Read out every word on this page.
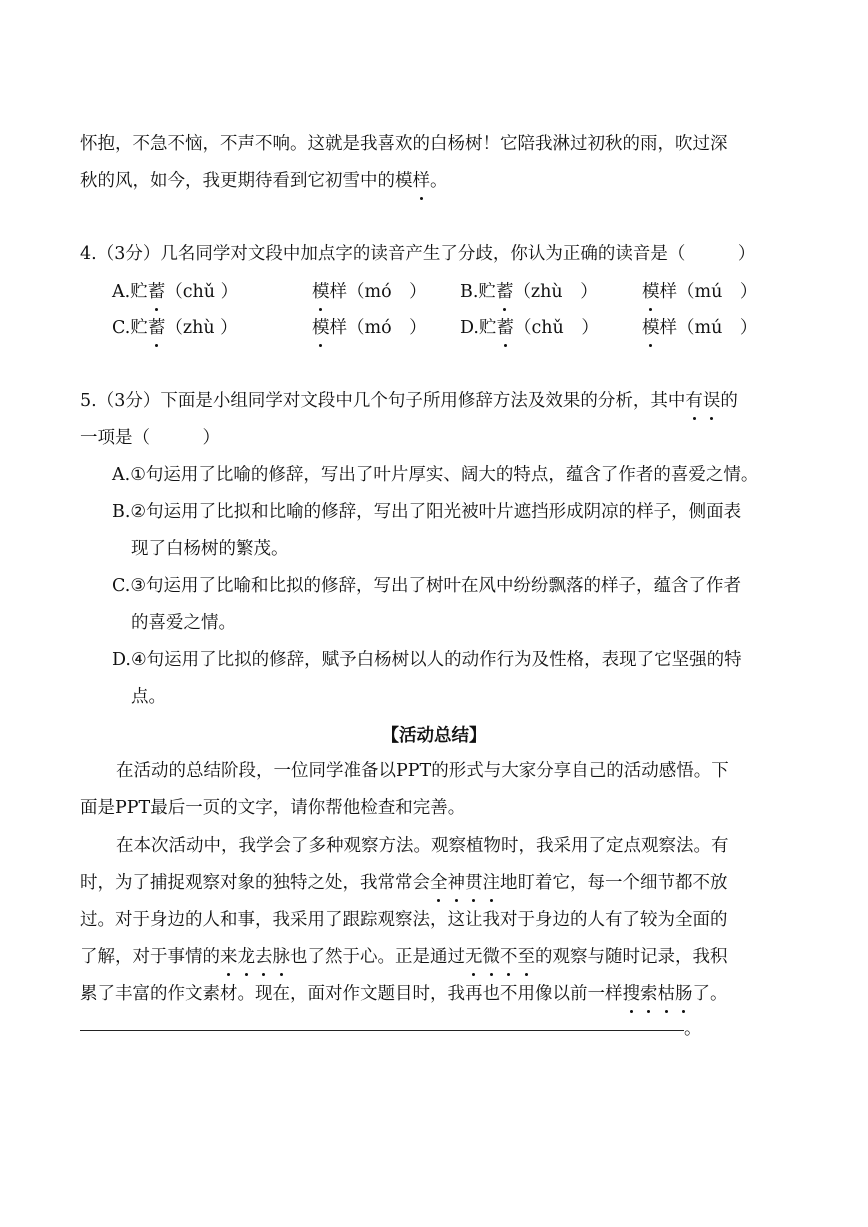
怀抱，不急不恼，不声不响。这就是我喜欢的白杨树！它陪我淋过初秋的雨，吹过深
秋的风，如今，我更期待看到它初雪中的模样。
4.（3分）几名同学对文段中加点字的读音产生了分歧，你认为正确的读音是（　　　）
A.贮蓄（chǔ ）	模样（mó　） B.贮蓄（zhù　）	模样（mú　）
C.贮蓄（zhù ）	模样（mó　） D.贮蓄（chǔ　） 模样（mú　）
5.（3分）下面是小组同学对文段中几个句子所用修辞方法及效果的分析，其中有误的
一项是（　　　）
A.①句运用了比喻的修辞，写出了叶片厚实、阔大的特点，蕴含了作者的喜爱之情。
B.②句运用了比拟和比喻的修辞，写出了阳光被叶片遮挡形成阴凉的样子，侧面表
现了白杨树的繁茂。
C.③句运用了比喻和比拟的修辞，写出了树叶在风中纷纷飘落的样子，蕴含了作者
的喜爱之情。
D.④句运用了比拟的修辞，赋予白杨树以人的动作行为及性格，表现了它坚强的特
点。
【活动总结】
在活动的总结阶段，一位同学准备以PPT的形式与大家分享自己的活动感悟。下
面是PPT最后一页的文字，请你帮他检查和完善。
在本次活动中，我学会了多种观察方法。观察植物时，我采用了定点观察法。有
时，为了捕捉观察对象的独特之处，我常常会全神贯注地盯着它，每一个细节都不放
过。对于身边的人和事，我采用了跟踪观察法，这让我对于身边的人有了较为全面的
了解，对于事情的来龙去脉也了然于心。正是通过无微不至的观察与随时记录，我积
累了丰富的作文素材。现在，面对作文题目时，我再也不用像以前一样搜索枯肠了。
。
